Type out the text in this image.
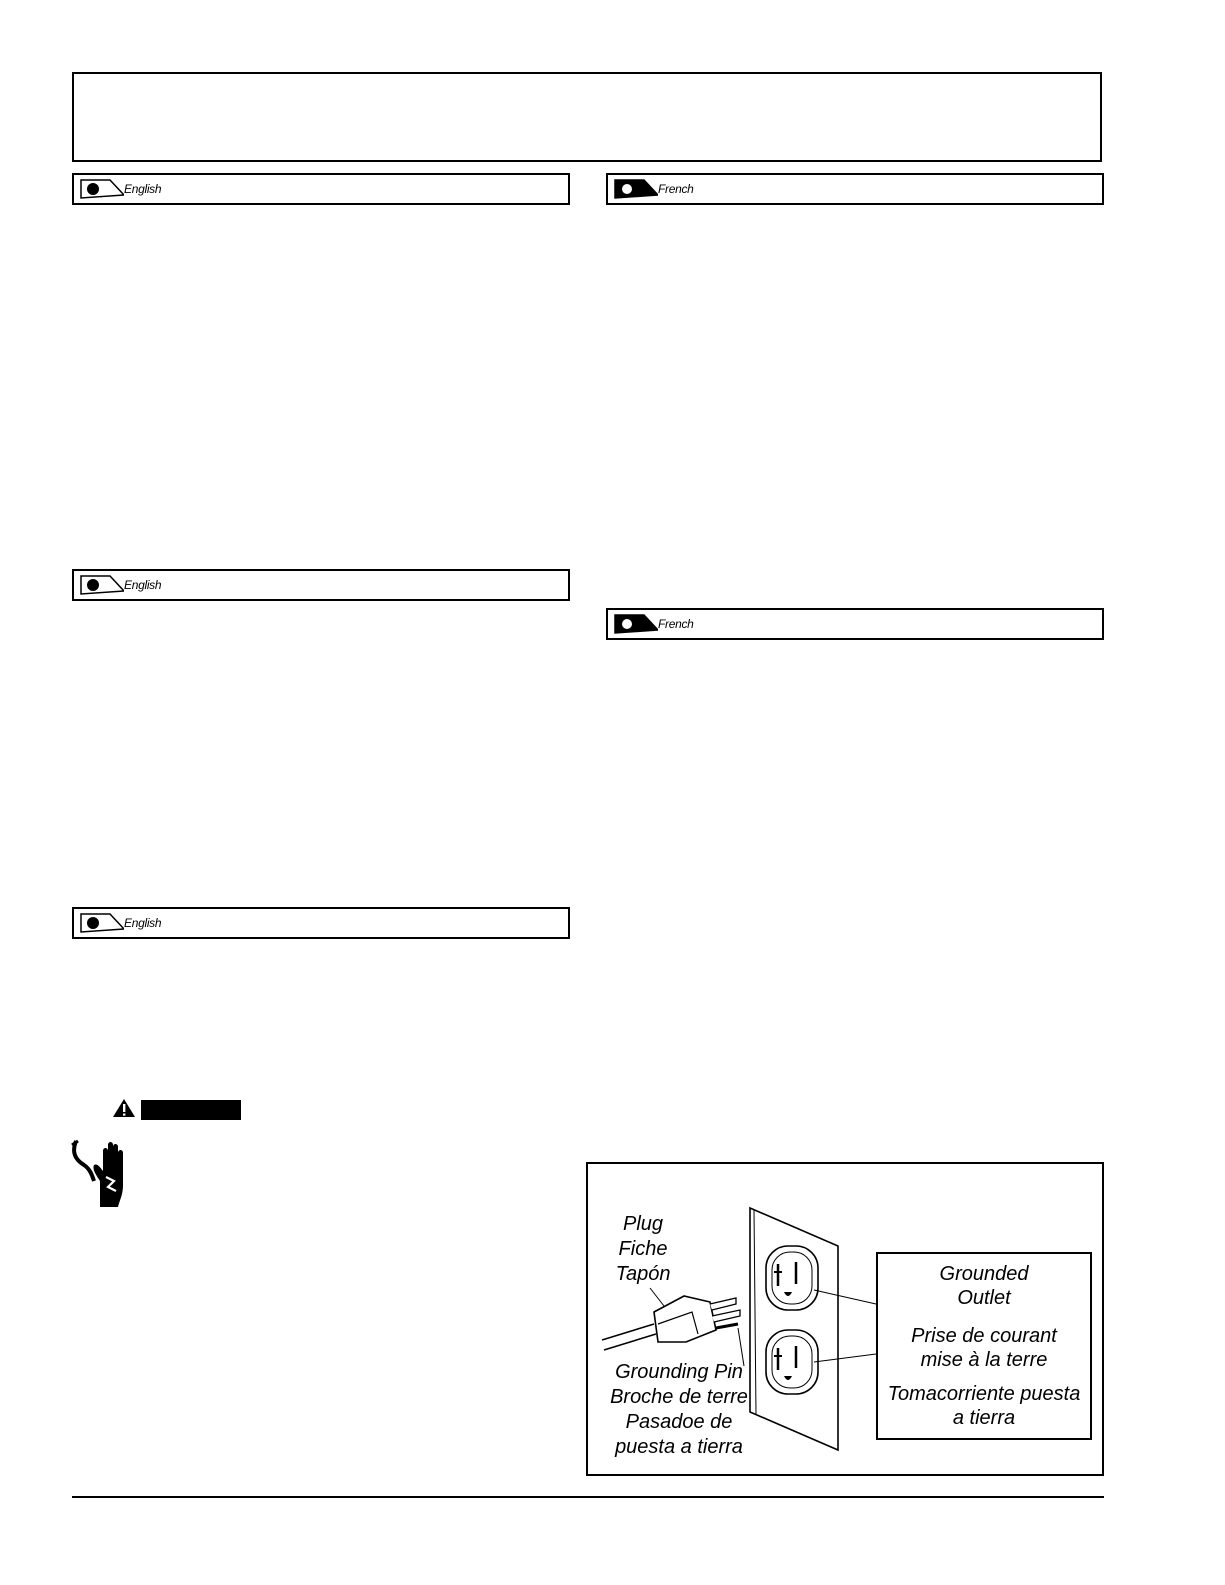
English	French
English
French
English
Plug
Fiche
Tapón
Grounding Pin
Broche de terre
Pasadoe de
puesta a tierra
Grounded
Outlet
Prise de courant
mise à la terre
Tomacorriente puesta
a tierra
